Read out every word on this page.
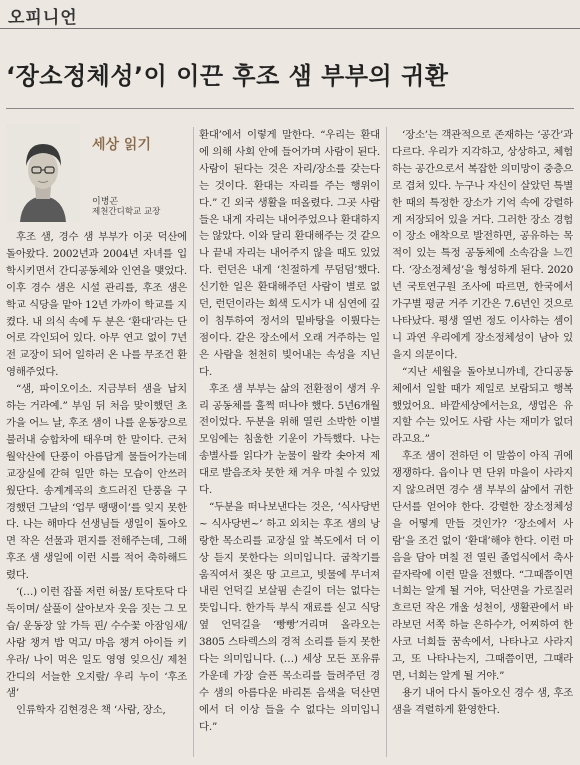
오피니언
‘장소정체성’이 이끈 후조 샘 부부의 귀환
세상 읽기
이병곤
제천간디학교 교장

후조 샘, 경수 샘 부부가 이곳 덕산에 돌아왔다. 2002년과 2004년 자녀를 입학시키면서 간디공동체와 인연을 맺었다. 이후 경수 샘은 시설 관리를, 후조 샘은 학교 식당을 맡아 12년 가까이 학교를 지켰다. 내 의식 속에 두 분은 ‘환대’라는 단어로 각인되어 있다. 아무 연고 없이 7년 전 교장이 되어 일하러 온 나를 무조건 환영해주었다.

“샘, 파이오이소. 지금부터 샘을 납치하는 거라예.” 부임 뒤 처음 맞이했던 초가을 어느 날, 후조 샘이 나를 운동장으로 불러내 승합차에 태우며 한 말이다. 근처 월악산에 단풍이 아름답게 물들어가는데 교장실에 갇혀 일만 하는 모습이 안쓰러웠단다. 송계계곡의 흐드러진 단풍을 구경했던 그날의 ‘업무 땡땡이’를 잊지 못한다. 나는 해마다 선생님들 생일이 돌아오면 작은 선물과 편지를 전해주는데, 그해 후조 샘 생일에 이런 시를 적어 축하해드렸다.

‘(…) 이런 잡풀 저런 허물/ 토닥토닥 다독이며/ 살풀이 살아보자 웃음 짓는 그 모습/ 운동장 앞 가득 핀/ 수수꽃 아잠임새/ 사람 챙겨 밥 먹고/ 마음 챙겨 아이들 키우라/ 나이 먹은 일도 영영 잊으신/ 제천간디의 서늘한 오지랖/ 우리 누이 ‘후조 샘’

인류학자 김현경은 책 ‘사람, 장소,

환대’에서 이렇게 말한다. “우리는 환대에 의해 사회 안에 들어가며 사람이 된다. 사람이 된다는 것은 자리/장소를 갖는다는 것이다. 환대는 자리를 주는 행위이다.” 긴 외국 생활을 떠올렸다. 그곳 사람들은 내게 자리는 내어주었으나 환대하지는 않았다. 이와 달리 환대해주는 것 같으나 끝내 자리는 내어주지 않을 때도 있었다. 런던은 내게 ‘친절하게 무덤덤’했다. 신기한 일은 환대해주던 사람이 별로 없던, 런던이라는 회색 도시가 내 심연에 깊이 침투하여 정서의 밑바탕을 이뤘다는 점이다. 같은 장소에서 오래 거주하는 일은 사람을 천천히 빚어내는 속성을 지닌다.

후조 샘 부부는 삶의 전환점이 생겨 우리 공동체를 훌쩍 떠나야 했다. 5년6개월 전이었다. 두분을 위해 열린 소박한 이별 모임에는 침울한 기운이 가득했다. 나는 송별사를 읽다가 눈물이 왈칵 솟아져 제대로 발음조차 못한 채 겨우 마칠 수 있었다.

“두분을 떠나보낸다는 것은, ‘식사당번~ 식사당번~’ 하고 외치는 후조 샘의 낭랑한 목소리를 교장실 앞 복도에서 더 이상 듣지 못한다는 의미입니다. 굽착기를 움직여서 젖은 땅 고르고, 빗물에 무너져 내린 언덕길 보살핌 손길이 더는 없다는 뜻입니다. 한가득 부식 재료를 싣고 식당 옆 언덕길을 ‘빵빵’거리며 올라오는 3805 스타렉스의 경적 소리를 듣지 못한다는 의미입니다. (…) 세상 모든 포유류 가운데 가장 슬픈 목소리를 들려주던 경수 샘의 아름다운 바리톤 음색을 덕산면에서 더 이상 들을 수 없다는 의미입니다.”

‘장소’는 객관적으로 존재하는 ‘공간’과 다르다. 우리가 지각하고, 상상하고, 체험하는 공간으로서 복잡한 의미망이 중층으로 겹쳐 있다. 누구나 자신이 살았던 특별한 때의 특정한 장소가 기억 속에 강렬하게 저장되어 있을 거다. 그러한 장소 경험이 장소 애착으로 발전하면, 공유하는 목적이 있는 특정 공동체에 소속감을 느낀다. ‘장소정체성’을 형성하게 된다. 2020년 국토연구원 조사에 따르면, 한국에서 가구별 평균 거주 기간은 7.6년인 것으로 나타났다. 평생 열번 정도 이사하는 셈이니 과연 우리에게 장소정체성이 남아 있을지 의문이다.

“지난 세월을 돌아보니까네, 간디공동체에서 일할 때가 제일로 보람되고 행복했었어요. 바깥세상에서는요, 생업은 유지할 수는 있어도 사람 사는 재미가 없더라고요.”

후조 샘이 전하던 이 말씀이 아직 귀에 쟁쟁하다. 읍이나 면 단위 마을이 사라지지 않으려면 경수 샘 부부의 삶에서 귀한 단서를 얻어야 한다. 강렬한 장소정체성을 어떻게 만들 것인가? ‘장소에서 사람’을 조건 없이 ‘환대’해야 한다. 이런 마음을 담아 며칠 전 열린 졸업식에서 축사 끝자락에 이런 말을 전했다. “그때쯤이면 너희는 알게 될 거야, 덕산면을 가로질러 흐르던 작은 개울 성천이, 생활관에서 바라보던 서쪽 하늘 은하수가, 어찌하여 한사코 너희들 꿈속에서, 나타나고 사라지고, 또 나타나는지, 그때쯤이면, 그때라면, 너희는 알게 될 거야.”

용기 내어 다시 돌아오신 경수 샘, 후조 샘을 격렬하게 환영한다.
